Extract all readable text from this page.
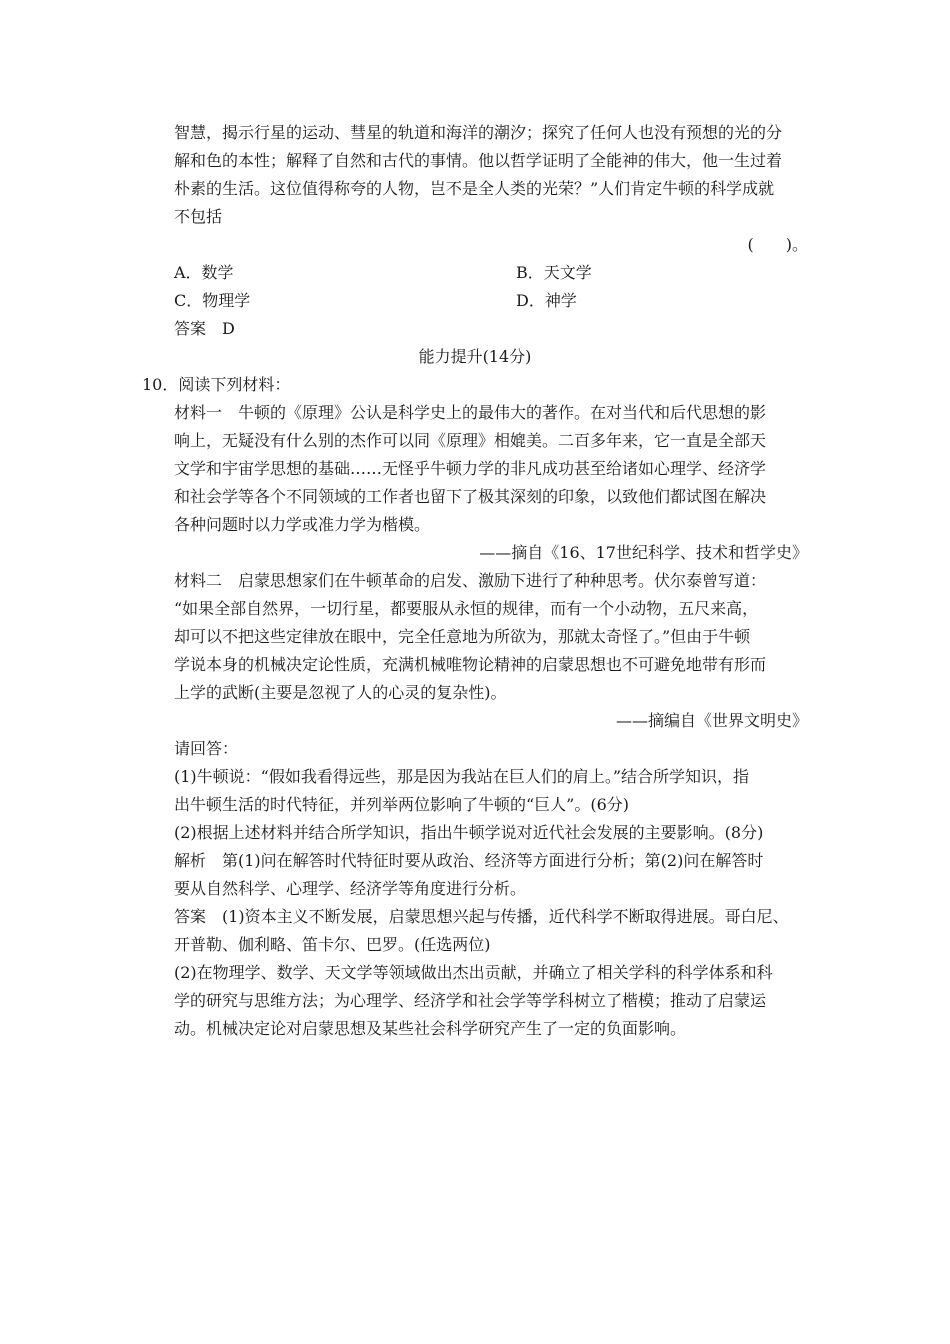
智慧，揭示行星的运动、彗星的轨道和海洋的潮汐；探究了任何人也没有预想的光的分
解和色的本性；解释了自然和古代的事情。他以哲学证明了全能神的伟大，他一生过着
朴素的生活。这位值得称夸的人物，岂不是全人类的光荣？”人们肯定牛顿的科学成就
不包括
(　　)。
A．数学	B．天文学
C．物理学	D．神学
答案　D
能力提升(14分)
10．阅读下列材料：
材料一　牛顿的《原理》公认是科学史上的最伟大的著作。在对当代和后代思想的影
响上，无疑没有什么别的杰作可以同《原理》相媲美。二百多年来，它一直是全部天
文学和宇宙学思想的基础……无怪乎牛顿力学的非凡成功甚至给诸如心理学、经济学
和社会学等各个不同领域的工作者也留下了极其深刻的印象，以致他们都试图在解决
各种问题时以力学或准力学为楷模。
——摘自《16、17世纪科学、技术和哲学史》
材料二　启蒙思想家们在牛顿革命的启发、激励下进行了种种思考。伏尔泰曾写道：
“如果全部自然界，一切行星，都要服从永恒的规律，而有一个小动物，五尺来高，
却可以不把这些定律放在眼中，完全任意地为所欲为，那就太奇怪了。”但由于牛顿
学说本身的机械决定论性质，充满机械唯物论精神的启蒙思想也不可避免地带有形而
上学的武断(主要是忽视了人的心灵的复杂性)。
——摘编自《世界文明史》
请回答：
(1)牛顿说：“假如我看得远些，那是因为我站在巨人们的肩上。”结合所学知识，指
出牛顿生活的时代特征，并列举两位影响了牛顿的“巨人”。(6分)
(2)根据上述材料并结合所学知识，指出牛顿学说对近代社会发展的主要影响。(8分)
解析　第(1)问在解答时代特征时要从政治、经济等方面进行分析；第(2)问在解答时
要从自然科学、心理学、经济学等角度进行分析。
答案　(1)资本主义不断发展，启蒙思想兴起与传播，近代科学不断取得进展。哥白尼、
开普勒、伽利略、笛卡尔、巴罗。(任选两位)
(2)在物理学、数学、天文学等领域做出杰出贡献，并确立了相关学科的科学体系和科
学的研究与思维方法；为心理学、经济学和社会学等学科树立了楷模；推动了启蒙运
动。机械决定论对启蒙思想及某些社会科学研究产生了一定的负面影响。
